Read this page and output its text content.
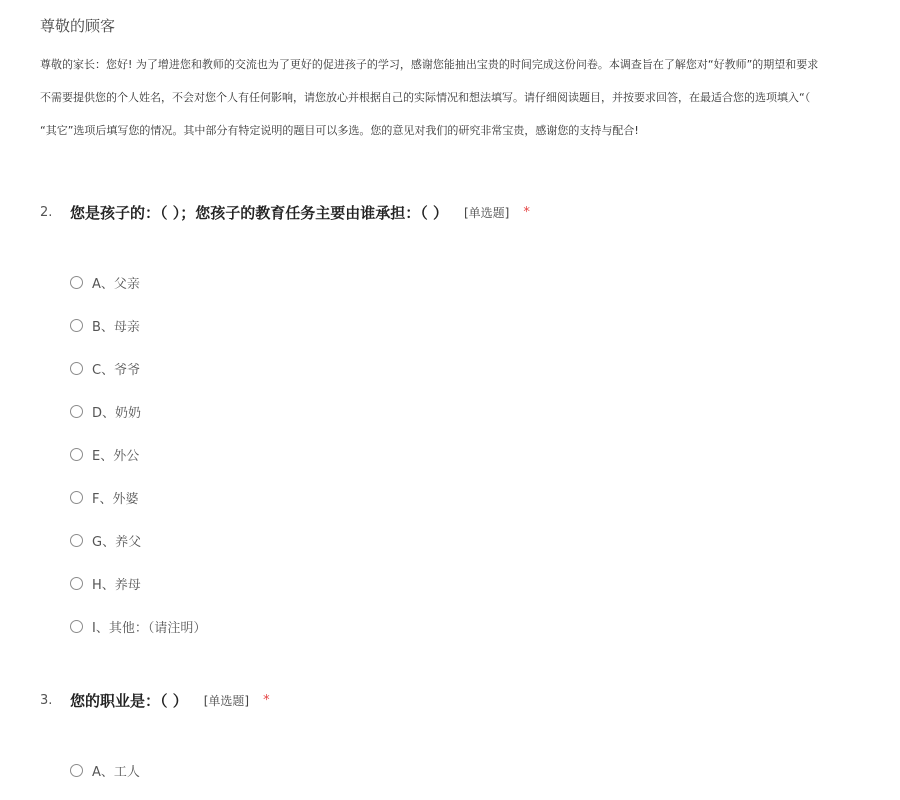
尊敬的顾客

尊敬的家长：您好! 为了增进您和教师的交流也为了更好的促进孩子的学习，感谢您能抽出宝贵的时间完成这份问卷。本调查旨在了解您对“好教师”的期望和要求

不需要提供您的个人姓名，不会对您个人有任何影响，请您放心并根据自己的实际情况和想法填写。请仔细阅读题目，并按要求回答，在最适合您的选项填入“（

“其它”选项后填写您的情况。其中部分有特定说明的题目可以多选。您的意见对我们的研究非常宝贵，感谢您的支持与配合!

2.	您是孩子的：（ ）；您孩子的教育任务主要由谁承担：（ ） [单选题] *
A、父亲
B、母亲
C、爷爷
D、奶奶
E、外公
F、外婆
G、养父
H、养母
I、其他：（请注明）
3.	您的职业是：（ ） [单选题] *
A、工人
